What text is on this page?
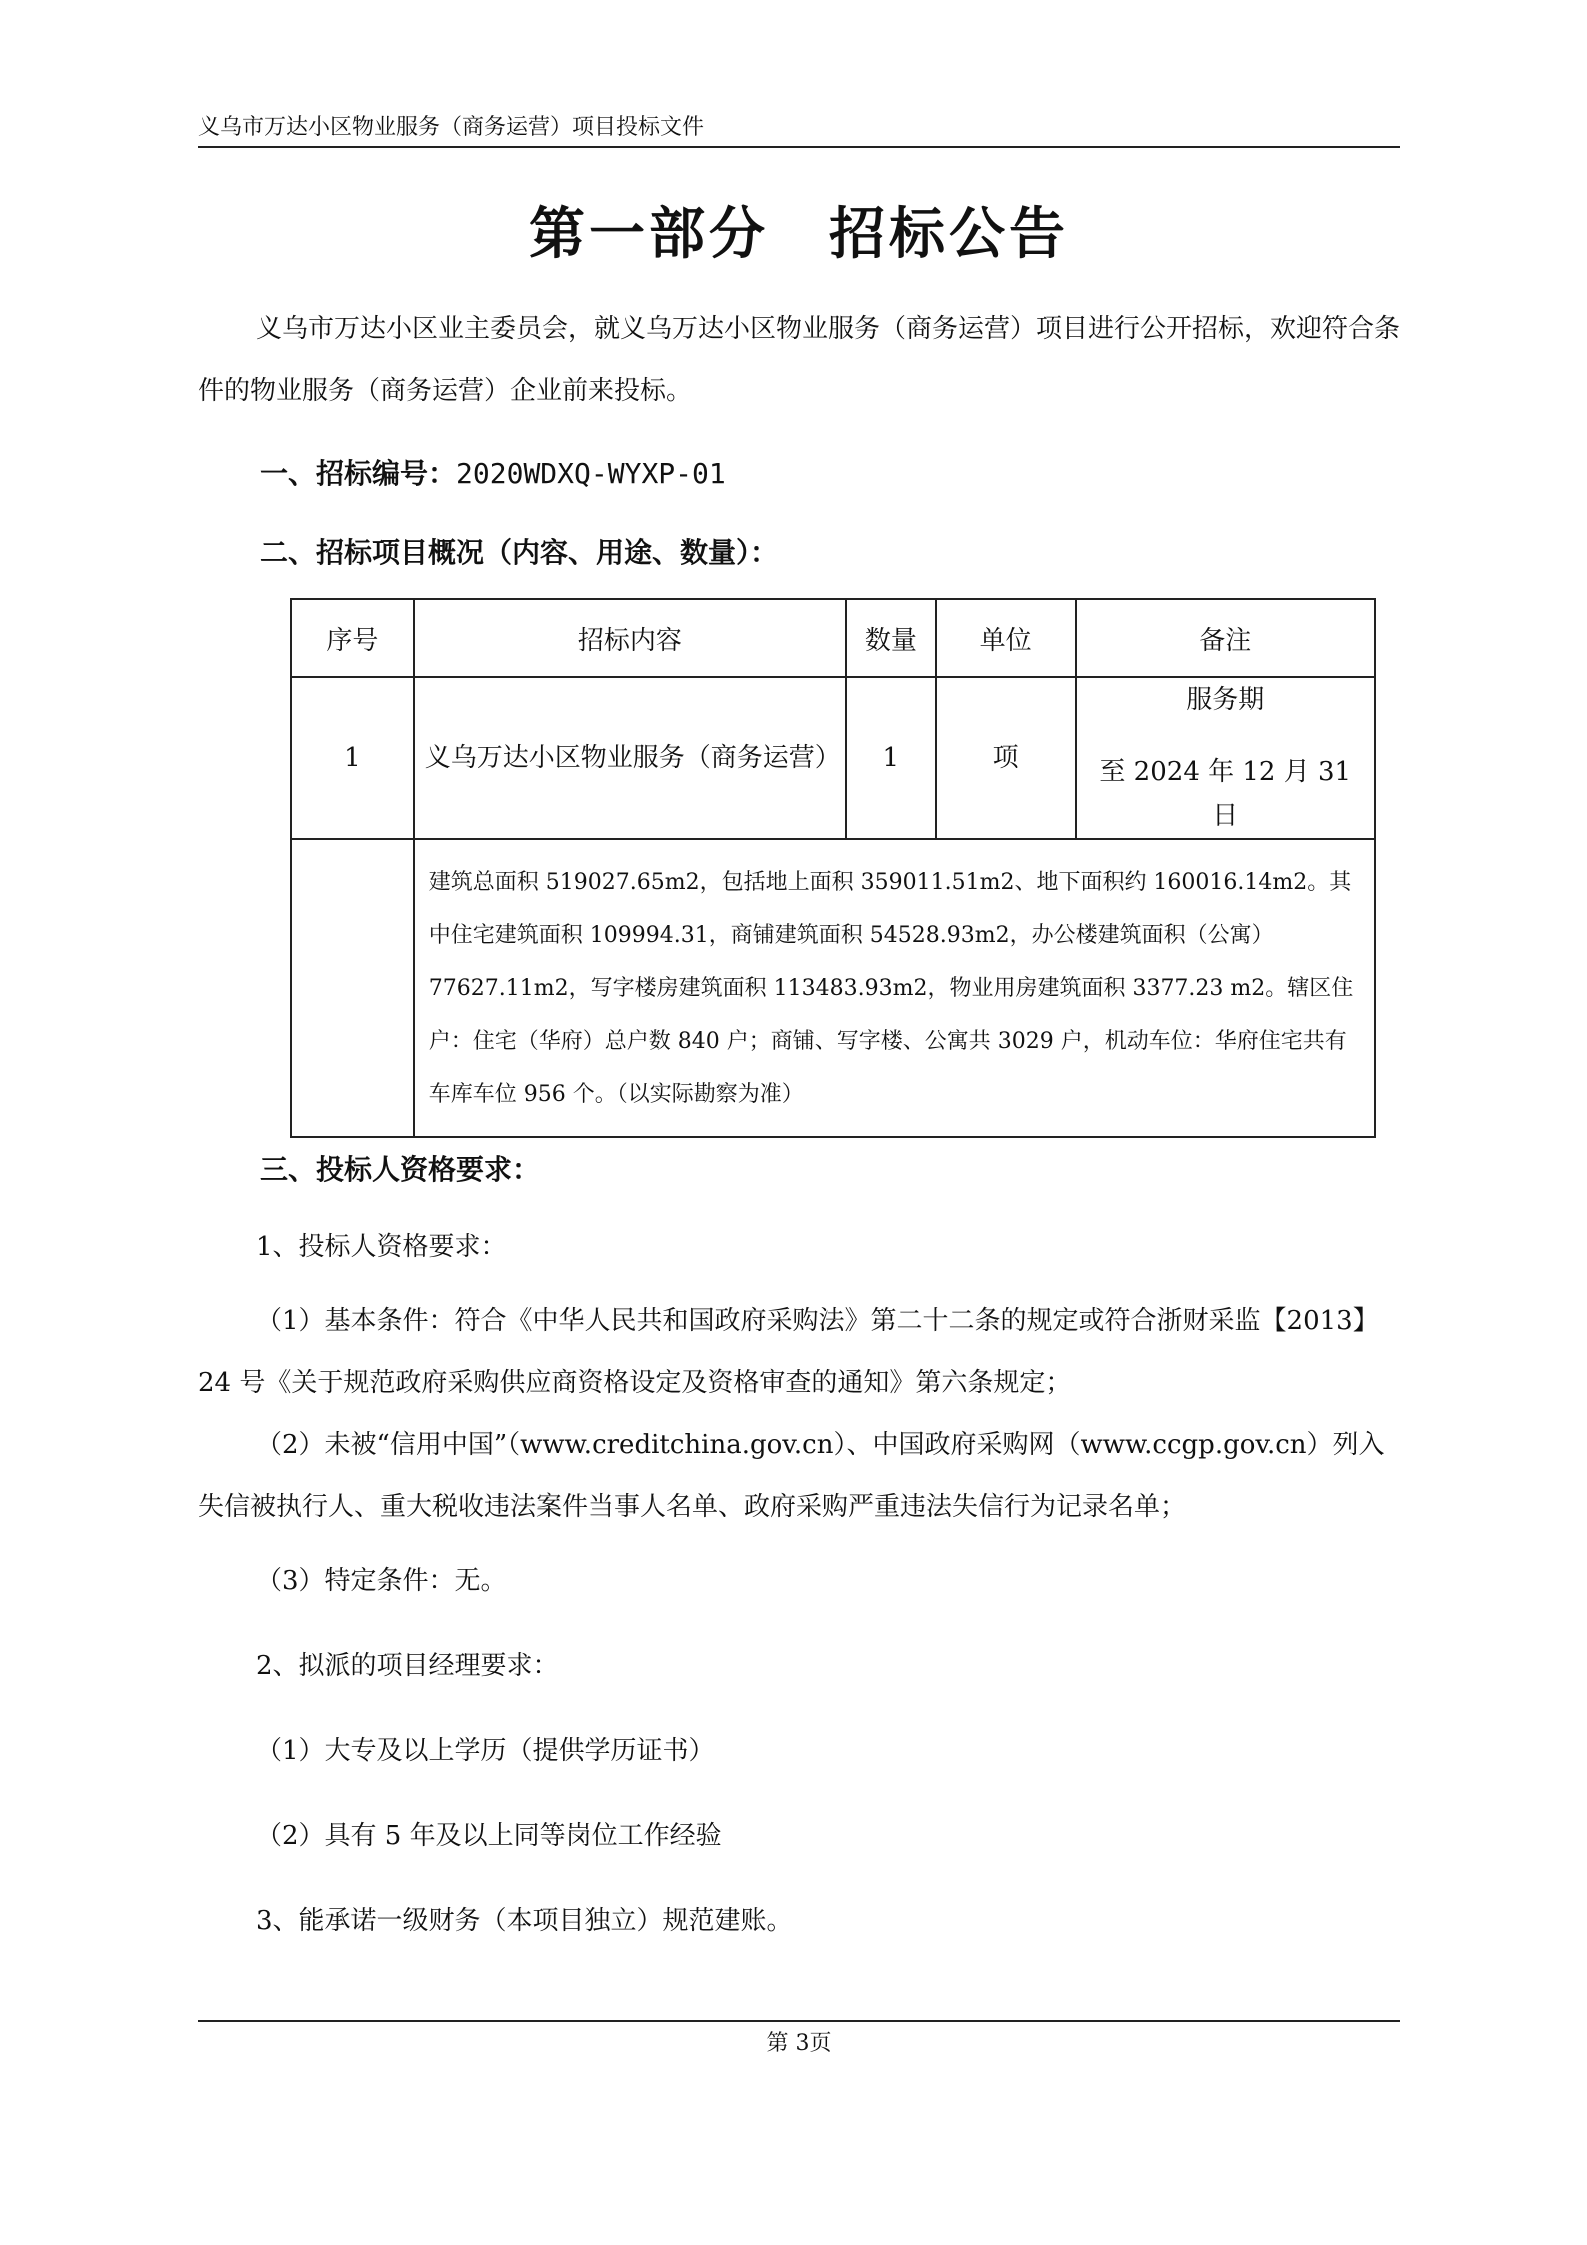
义乌市万达小区物业服务（商务运营）项目投标文件
第一部分　招标公告

义乌市万达小区业主委员会，就义乌万达小区物业服务（商务运营）项目进行公开招标，欢迎符合条件的物业服务（商务运营）企业前来投标。

一、招标编号：2020WDXQ-WYXP-01
二、招标项目概况（内容、用途、数量）：
序号	招标内容	数量	单位	备注
1	义乌万达小区物业服务（商务运营）	1	项	服务期
至 2024 年 12 月 31 日

	建筑总面积 519027.65m2，包括地上面积 359011.51m2、地下面积约 160016.14m2。其中住宅建筑面积 109994.31，商铺建筑面积 54528.93m2，办公楼建筑面积（公寓）77627.11m2，写字楼房建筑面积 113483.93m2，物业用房建筑面积 3377.23 m2。辖区住户：住宅（华府）总户数 840 户；商铺、写字楼、公寓共 3029 户，机动车位：华府住宅共有车库车位 956 个。（以实际勘察为准）			
三、投标人资格要求：

1、投标人资格要求：

（1）基本条件：符合《中华人民共和国政府采购法》第二十二条的规定或符合浙财采监【2013】24 号《关于规范政府采购供应商资格设定及资格审查的通知》第六条规定；

（2）未被“信用中国”（www.creditchina.gov.cn）、中国政府采购网（www.ccgp.gov.cn）列入失信被执行人、重大税收违法案件当事人名单、政府采购严重违法失信行为记录名单；

（3）特定条件：无。

2、拟派的项目经理要求：

（1）大专及以上学历（提供学历证书）

（2）具有 5 年及以上同等岗位工作经验

3、能承诺一级财务（本项目独立）规范建账。

第 3页
